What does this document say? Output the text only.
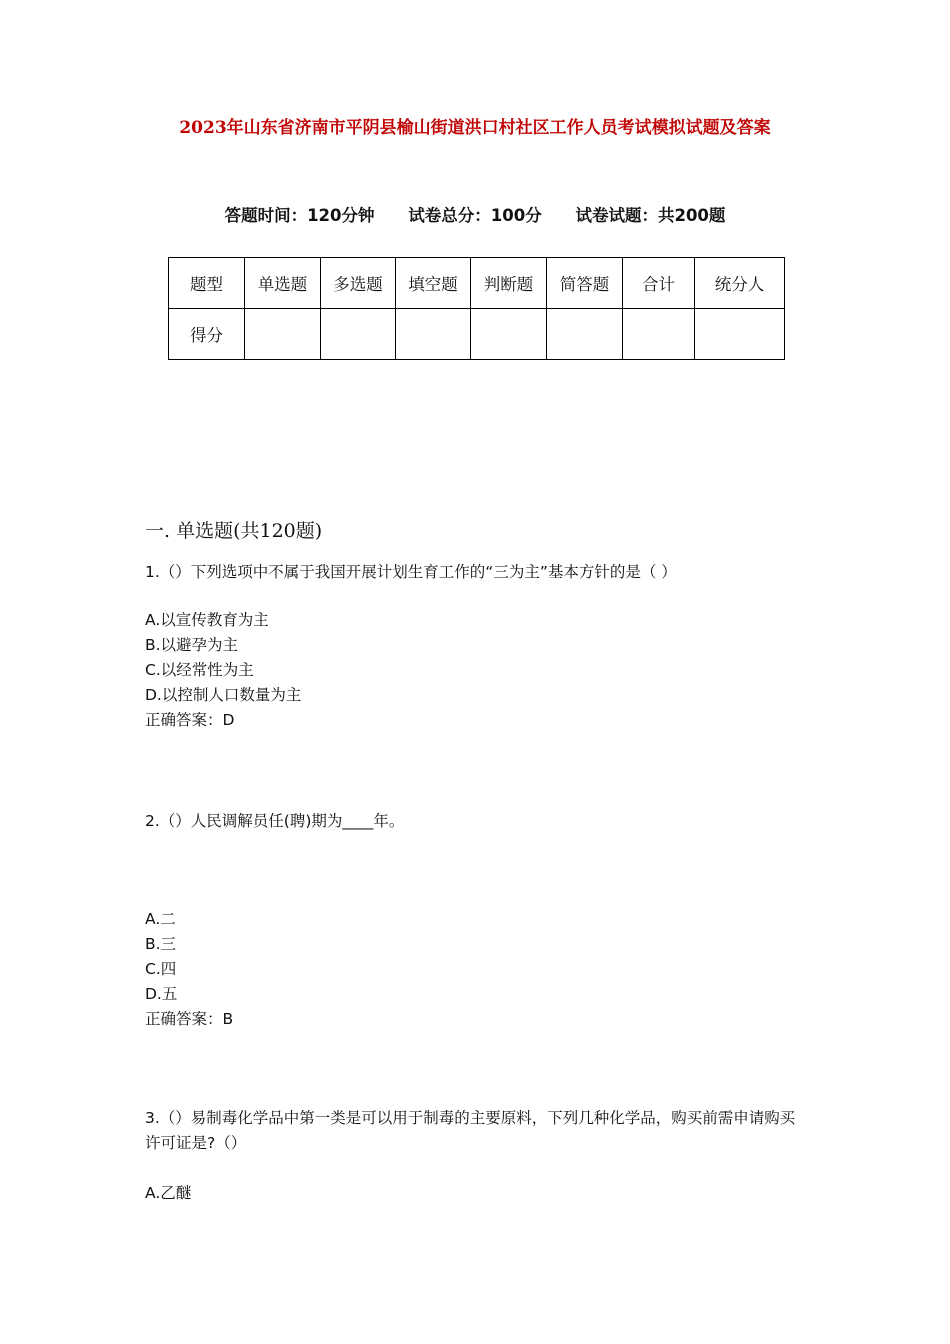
2023年山东省济南市平阴县榆山街道洪口村社区工作人员考试模拟试题及答案
答题时间：120分钟 试卷总分：100分 试卷试题：共200题
题型	单选题	多选题	填空题	判断题	简答题	合计	统分人
得分							
一. 单选题(共120题)
1.（）下列选项中不属于我国开展计划生育工作的“三为主”基本方针的是（ ）
A.以宣传教育为主
B.以避孕为主
C.以经常性为主
D.以控制人口数量为主
正确答案：D
2.（）人民调解员任(聘)期为____年。
A.二
B.三
C.四
D.五
正确答案：B
3.（）易制毒化学品中第一类是可以用于制毒的主要原料，下列几种化学品，购买前需申请购买许可证是?（）
A.乙醚
